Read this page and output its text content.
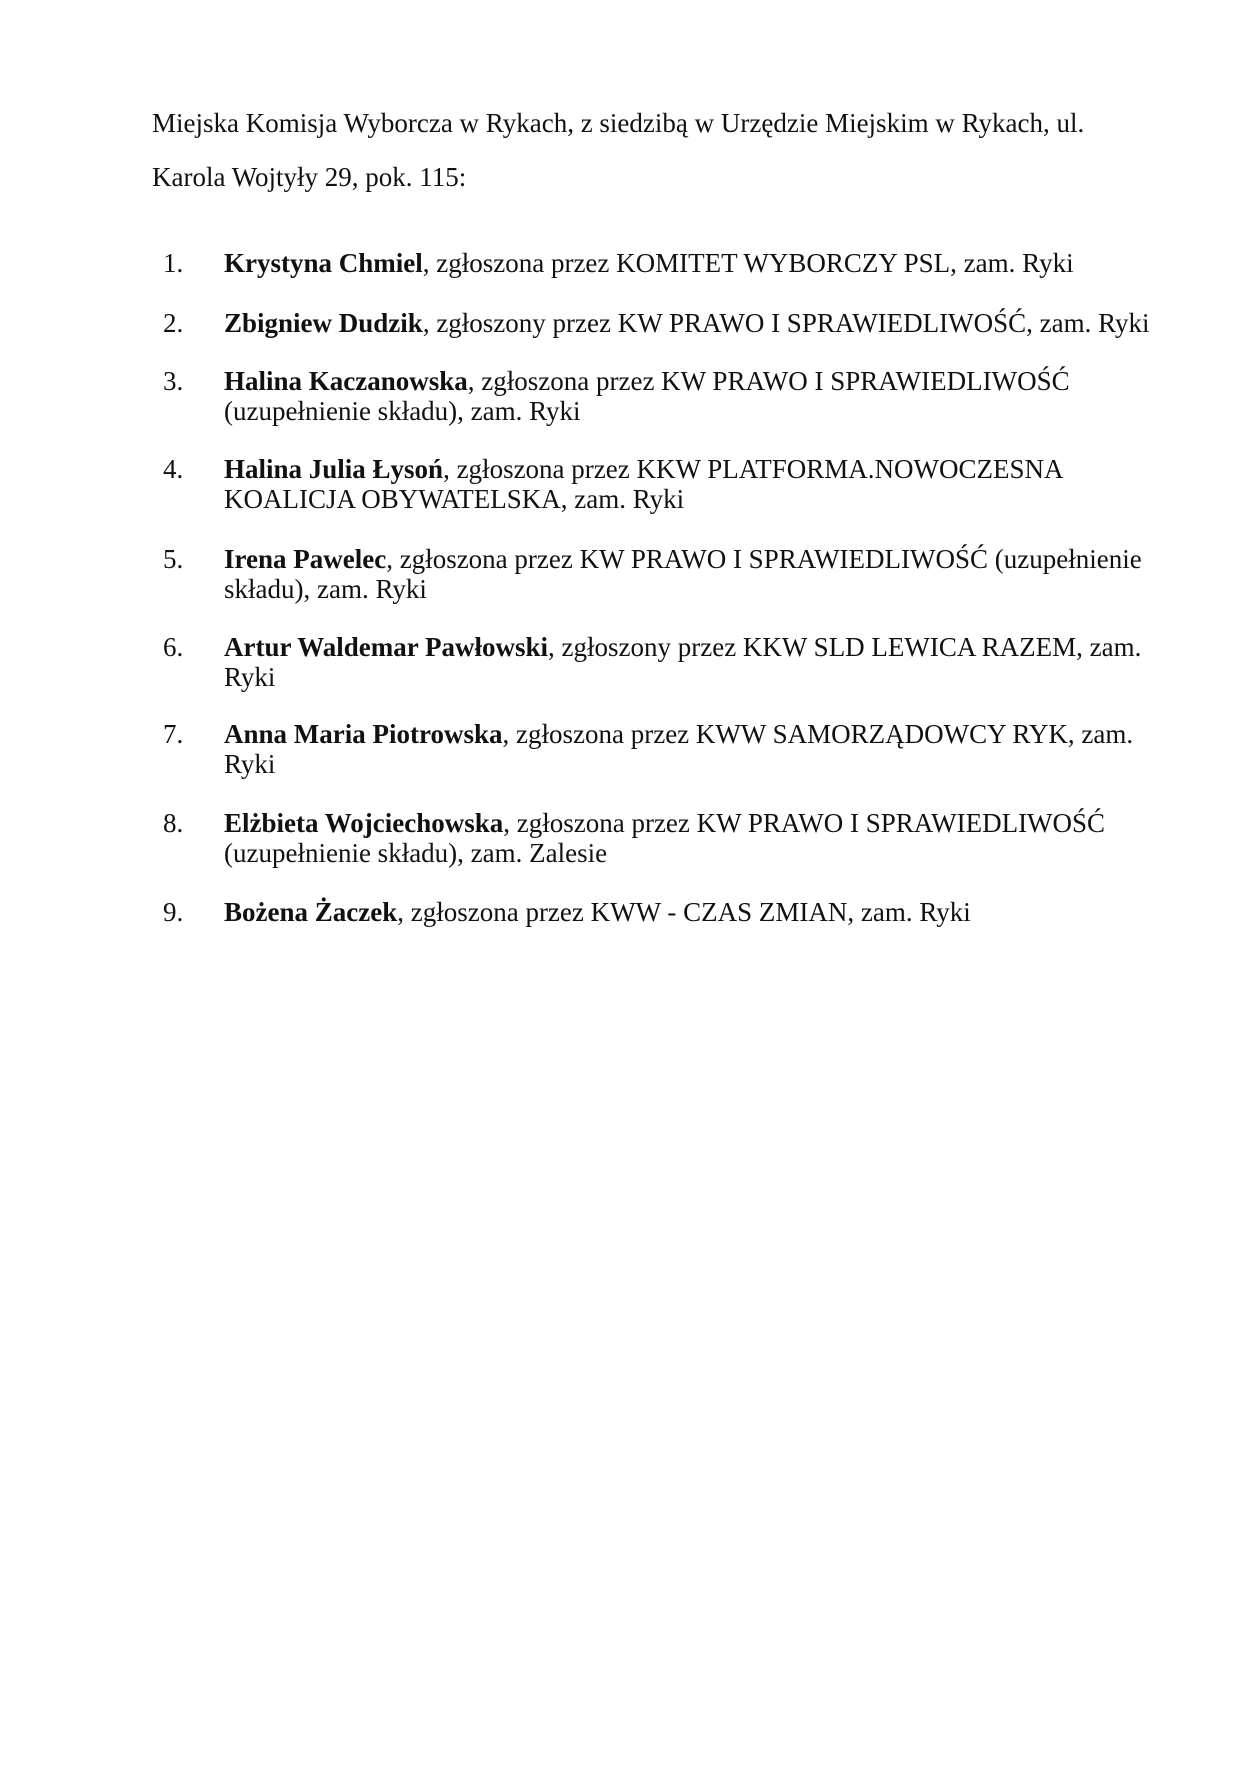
Miejska Komisja Wyborcza w Rykach, z siedzibą w Urzędzie Miejskim w Rykach, ul.
Karola Wojtyły 29, pok. 115:
1. Krystyna Chmiel, zgłoszona przez KOMITET WYBORCZY PSL, zam. Ryki
2. Zbigniew Dudzik, zgłoszony przez KW PRAWO I SPRAWIEDLIWOŚĆ, zam. Ryki
3. Halina Kaczanowska, zgłoszona przez KW PRAWO I SPRAWIEDLIWOŚĆ
(uzupełnienie składu), zam. Ryki
4. Halina Julia Łysoń, zgłoszona przez KKW PLATFORMA.NOWOCZESNA
KOALICJA OBYWATELSKA, zam. Ryki
5. Irena Pawelec, zgłoszona przez KW PRAWO I SPRAWIEDLIWOŚĆ (uzupełnienie
składu), zam. Ryki
6. Artur Waldemar Pawłowski, zgłoszony przez KKW SLD LEWICA RAZEM, zam.
Ryki
7. Anna Maria Piotrowska, zgłoszona przez KWW SAMORZĄDOWCY RYK, zam.
Ryki
8. Elżbieta Wojciechowska, zgłoszona przez KW PRAWO I SPRAWIEDLIWOŚĆ
(uzupełnienie składu), zam. Zalesie
9. Bożena Żaczek, zgłoszona przez KWW - CZAS ZMIAN, zam. Ryki
